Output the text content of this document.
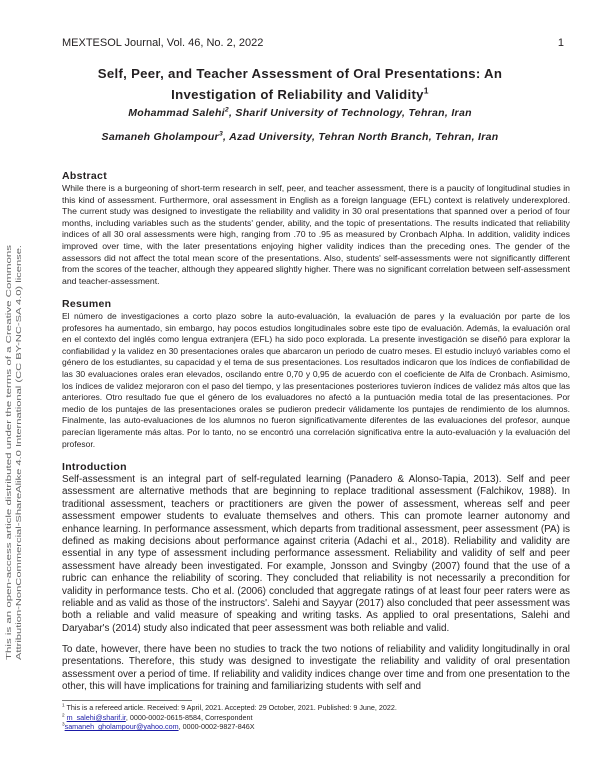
MEXTESOL Journal, Vol. 46, No. 2, 2022	1
Self, Peer, and Teacher Assessment of Oral Presentations: An
Investigation of Reliability and Validity$^1$
Mohammad Salehi$^2$, Sharif University of Technology, Tehran, Iran
Samaneh Gholampour$^3$, Azad University, Tehran North Branch, Tehran, Iran
Abstract
While there is a burgeoning of short-term research in self, peer, and teacher assessment, there is a paucity of longitudinal studies in this kind of assessment. Furthermore, oral assessment in English as a foreign language (EFL) context is relatively underexplored. The current study was designed to investigate the reliability and validity in 30 oral presentations that spanned over a period of four months, including variables such as the students' gender, ability, and the topic of presentations. The results indicated that reliability indices of all 30 oral assessments were high, ranging from .70 to .95 as measured by Cronbach Alpha. In addition, validity indices improved over time, with the later presentations enjoying higher validity indices than the preceding ones. The gender of the assessors did not affect the total mean score of the presentations. Also, students' self-assessments were not significantly different from the scores of the teacher, although they appeared slightly higher. There was no significant correlation between self-assessment and teacher-assessment.
Resumen
El número de investigaciones a corto plazo sobre la auto-evaluación, la evaluación de pares y la evaluación por parte de los profesores ha aumentado, sin embargo, hay pocos estudios longitudinales sobre este tipo de evaluación. Además, la evaluación oral en el contexto del inglés como lengua extranjera (EFL) ha sido poco explorada. La presente investigación se diseñó para explorar la confiabilidad y la validez en 30 presentaciones orales que abarcaron un periodo de cuatro meses. El estudio incluyó variables como el género de los estudiantes, su capacidad y el tema de sus presentaciones. Los resultados indicaron que los índices de confiabilidad de las 30 evaluaciones orales eran elevados, oscilando entre 0,70 y 0,95 de acuerdo con el coeficiente de Alfa de Cronbach. Asimismo, los índices de validez mejoraron con el paso del tiempo, y las presentaciones posteriores tuvieron índices de validez más altos que las anteriores. Otro resultado fue que el género de los evaluadores no afectó a la puntuación media total de las presentaciones. Por medio de los puntajes de las presentaciones orales se pudieron predecir válidamente los puntajes de rendimiento de los alumnos. Finalmente, las auto-evaluaciones de los alumnos no fueron significativamente diferentes de las evaluaciones del profesor, aunque parecían ligeramente más altas. Por lo tanto, no se encontró una correlación significativa entre la auto-evaluación y la evaluación del profesor.
Introduction
Self-assessment is an integral part of self-regulated learning (Panadero & Alonso-Tapia, 2013). Self and peer assessment are alternative methods that are beginning to replace traditional assessment (Falchikov, 1988). In traditional assessment, teachers or practitioners are given the power of assessment, whereas self and peer assessment empower students to evaluate themselves and others. This can promote learner autonomy and enhance learning. In performance assessment, which departs from traditional assessment, peer assessment (PA) is defined as making decisions about performance against criteria (Adachi et al., 2018). Reliability and validity are essential in any type of assessment including performance assessment. Reliability and validity of self and peer assessment have already been investigated. For example, Jonsson and Svingby (2007) found that the use of a rubric can enhance the reliability of scoring. They concluded that reliability is not necessarily a precondition for validity in performance tests. Cho et al. (2006) concluded that aggregate ratings of at least four peer raters were as reliable and as valid as those of the instructors'. Salehi and Sayyar (2017) also concluded that peer assessment was both a reliable and valid measure of speaking and writing tasks. As applied to oral presentations, Salehi and Daryabar's (2014) study also indicated that peer assessment was both reliable and valid.
To date, however, there have been no studies to track the two notions of reliability and validity longitudinally in oral presentations. Therefore, this study was designed to investigate the reliability and validity of oral presentation assessment over a period of time. If reliability and validity indices change over time and from one presentation to the other, this will have implications for training and familiarizing students with self and
This is an open-access article distributed under the terms of a Creative Commons Attribution-NonCommercial-ShareAlike 4.0 International (CC BY-NC-SA 4.0) license.
$^1$ This is a refereed article. Received: 9 April, 2021. Accepted: 29 October, 2021. Published: 9 June, 2022.
$^2$ m_salehi@sharif.ir, 0000-0002-0615-8584, Correspondent
$^3$samaneh_gholampour@yahoo.com, 0000-0002-9827-846X
